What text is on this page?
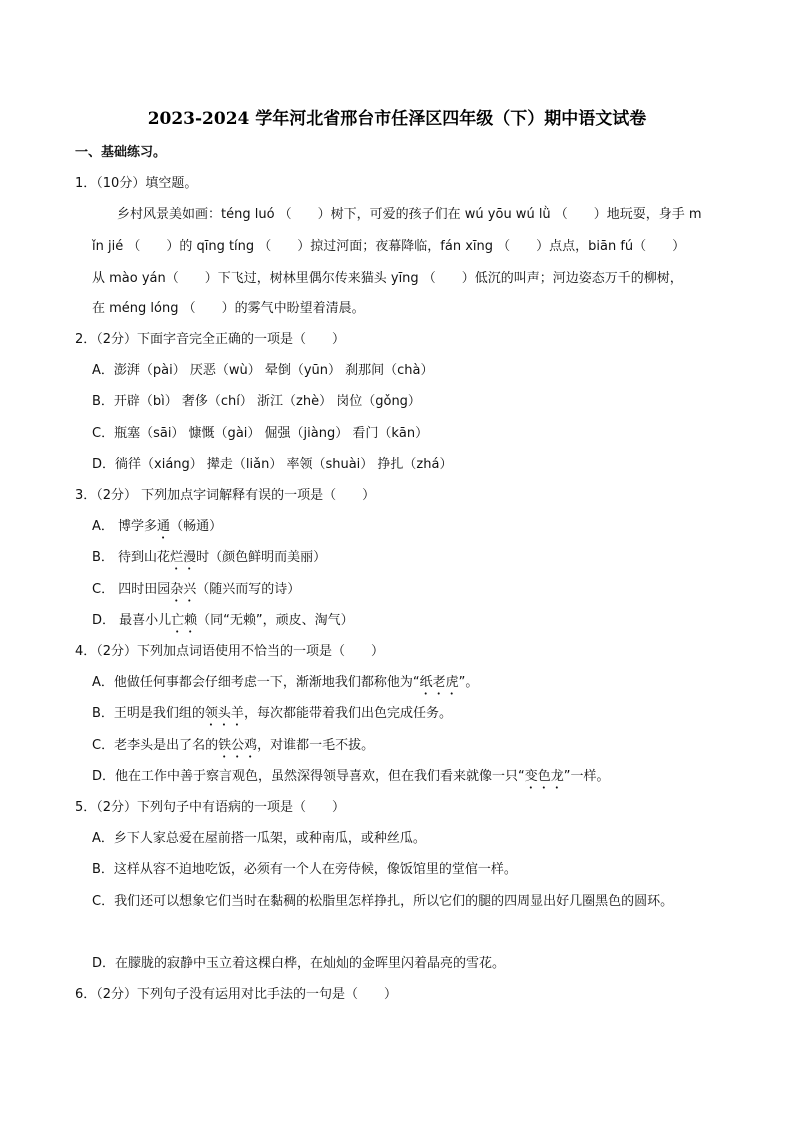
2023-2024 学年河北省邢台市任泽区四年级（下）期中语文试卷
一、基础练习。
1．（10分）填空题。
乡村风景美如画：téng luó （　　）树下，可爱的孩子们在 wú yōu wú lǜ （　　）地玩耍，身手 m
ǐn jié （　　）的 qīng tíng （　　）掠过河面；夜幕降临，fán xīng （　　）点点，biān fú（　　）
从 mào yán（　　）下飞过，树林里偶尔传来猫头 yīng （　　）低沉的叫声；河边姿态万千的柳树，
在 méng lóng （　　）的雾气中盼望着清晨。
2．（2分）下面字音完全正确的一项是（　　）
A．澎湃（pài） 厌恶（wù） 晕倒（yūn） 刹那间（chà）
B．开辟（bì） 奢侈（chí） 浙江（zhè） 岗位（gǒng）
C．瓶塞（sāi） 慷慨（gài） 倔强（jiàng） 看门（kān）
D．徜徉（xiáng） 撵走（liǎn） 率领（shuài） 挣扎（zhá）
3．（2分） 下列加点字词解释有误的一项是（　　）
A． 博学多通（畅通）
B． 待到山花烂漫时（颜色鲜明而美丽）
C． 四时田园杂兴（随兴而写的诗）
D． 最喜小儿亡赖（同“无赖”，顽皮、淘气）
4．（2分）下列加点词语使用不恰当的一项是（　　）
A．他做任何事都会仔细考虑一下，渐渐地我们都称他为“纸老虎”。
B．王明是我们组的领头羊，每次都能带着我们出色完成任务。
C．老李头是出了名的铁公鸡，对谁都一毛不拔。
D．他在工作中善于察言观色，虽然深得领导喜欢，但在我们看来就像一只“变色龙”一样。
5．（2分）下列句子中有语病的一项是（　　）
A．乡下人家总爱在屋前搭一瓜架，或种南瓜，或种丝瓜。
B．这样从容不迫地吃饭，必须有一个人在旁侍候，像饭馆里的堂倌一样。
C．我们还可以想象它们当时在黏稠的松脂里怎样挣扎，所以它们的腿的四周显出好几圈黑色的圆环。
D．在朦胧的寂静中玉立着这棵白桦，在灿灿的金晖里闪着晶亮的雪花。
6．（2分）下列句子没有运用对比手法的一句是（　　）
